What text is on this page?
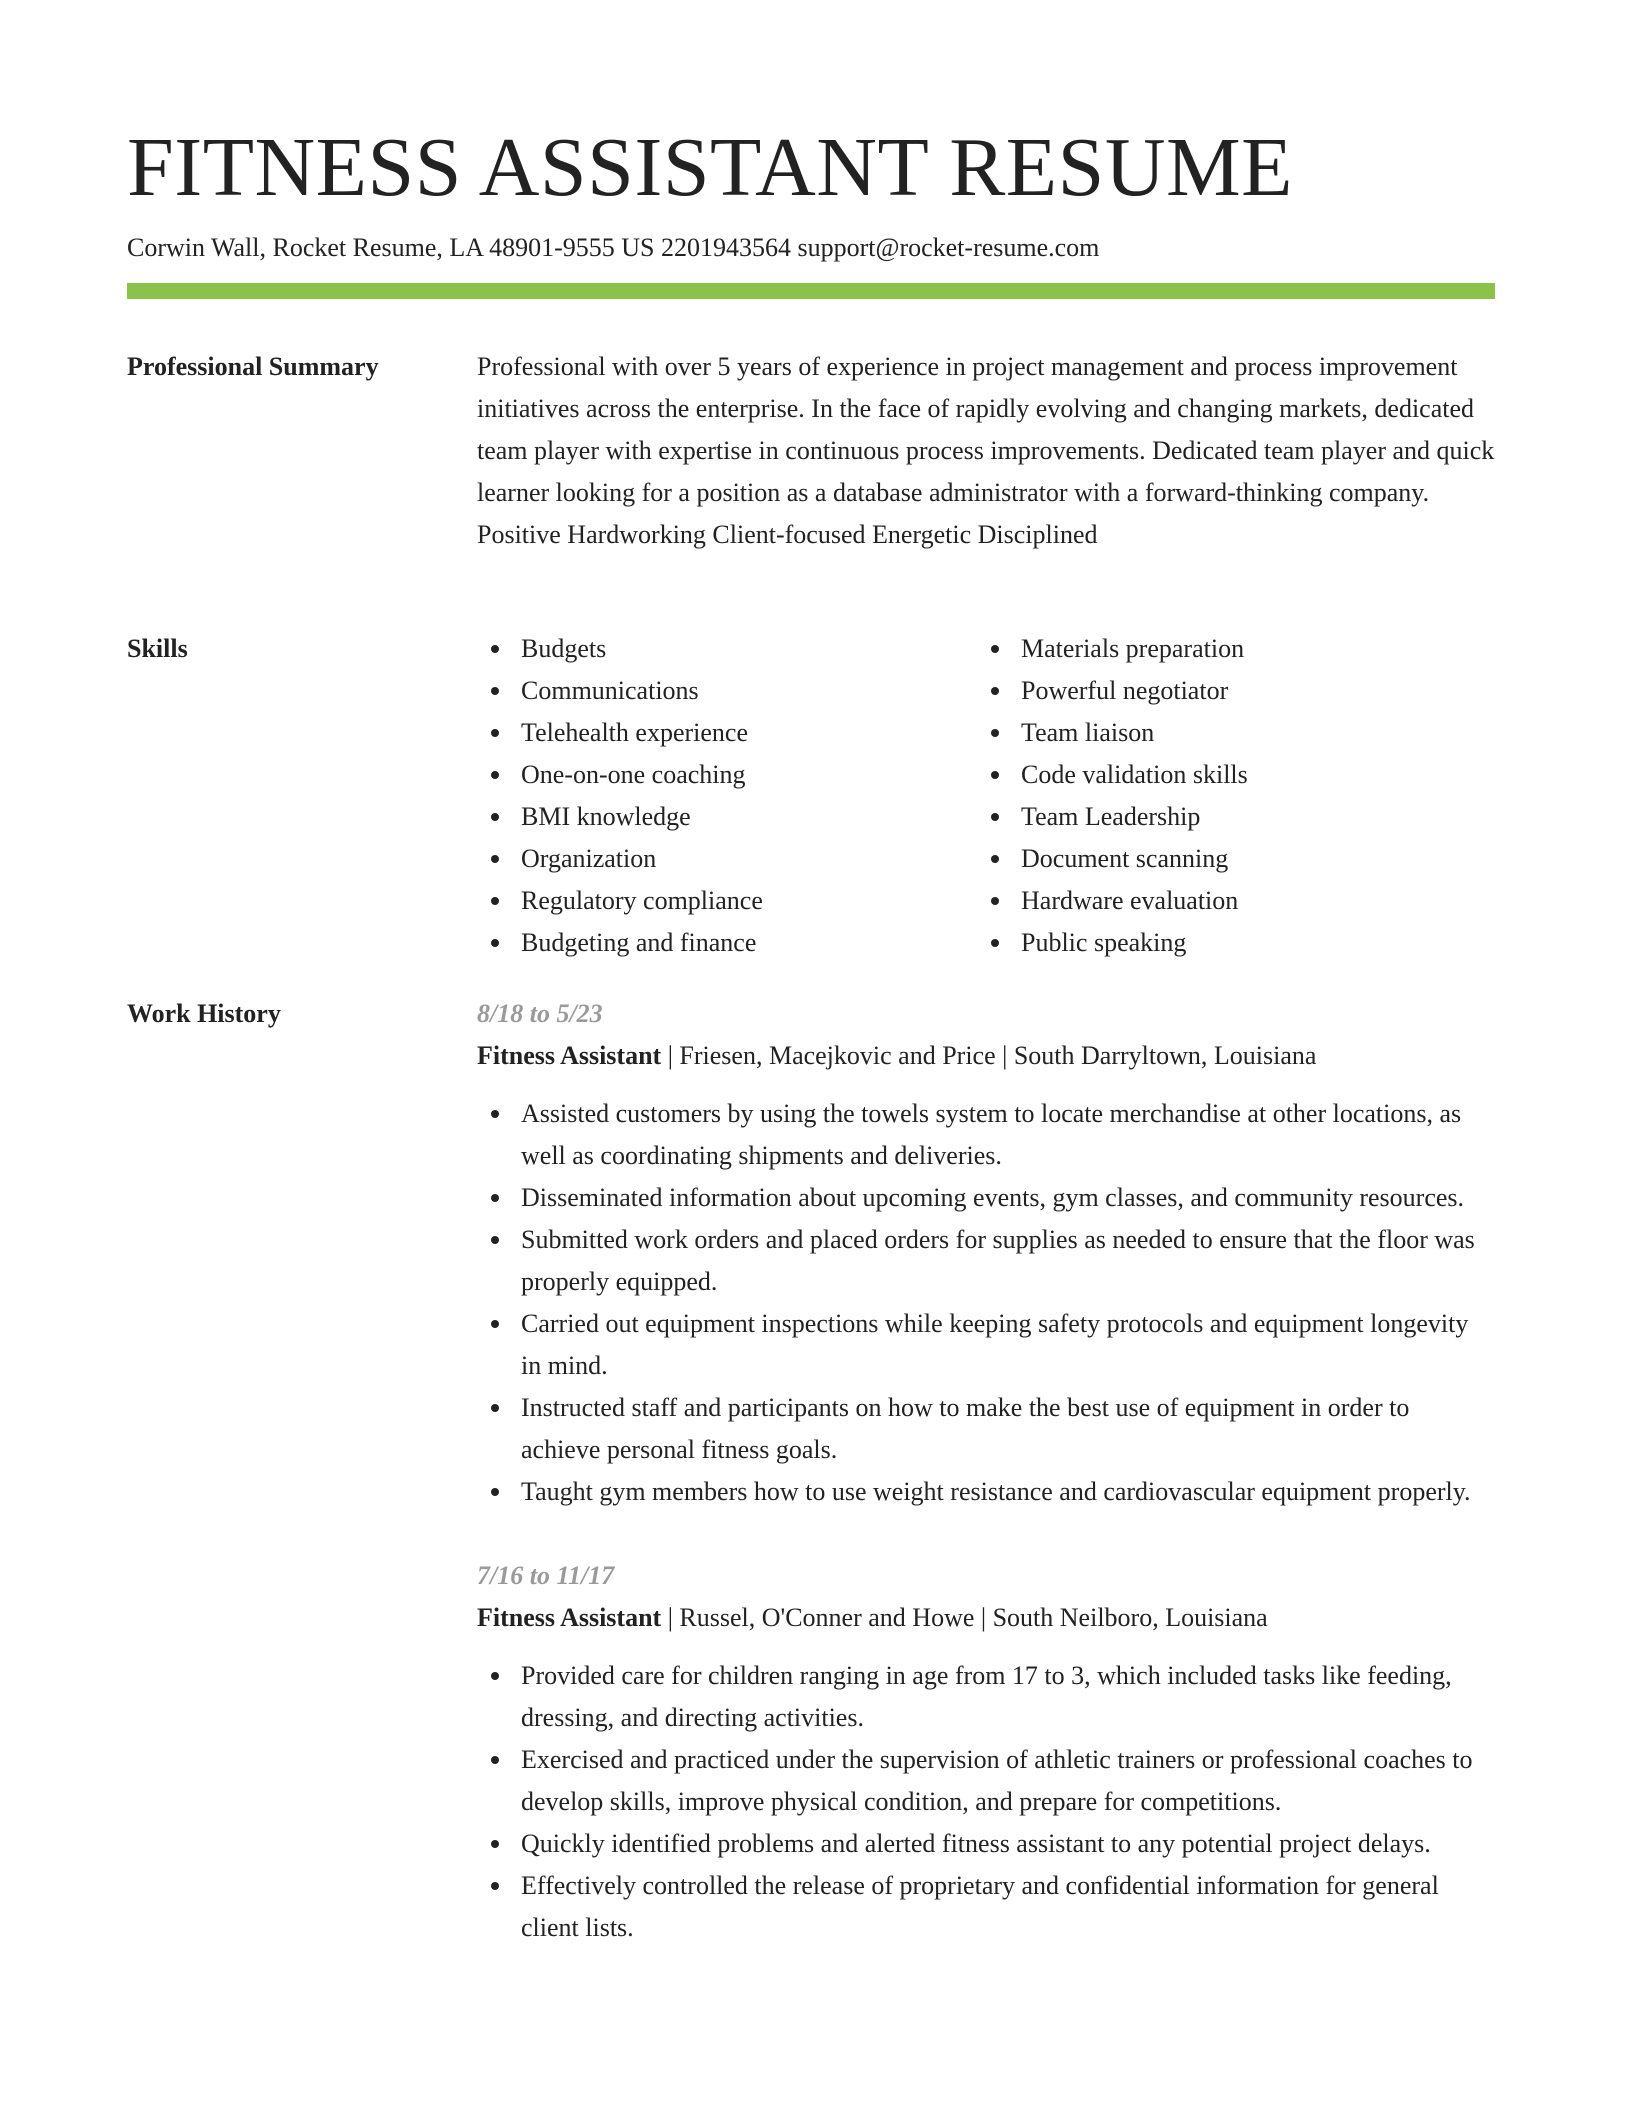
FITNESS ASSISTANT RESUME
Corwin Wall, Rocket Resume, LA 48901-9555 US 2201943564 support@rocket-resume.com
Professional Summary	Professional with over 5 years of experience in project management and process improvement initiatives across the enterprise. In the face of rapidly evolving and changing markets, dedicated team player with expertise in continuous process improvements. Dedicated team player and quick learner looking for a position as a database administrator with a forward-thinking company. Positive Hardworking Client-focused Energetic Disciplined

Skills	Budgets
Communications
Telehealth experience
One-on-one coaching
BMI knowledge
Organization
Regulatory compliance
Budgeting and finance
Materials preparation
Powerful negotiator
Team liaison
Code validation skills
Team Leadership
Document scanning
Hardware evaluation
Public speaking
Work History	8/18 to 5/23
Fitness Assistant | Friesen, Macejkovic and Price | South Darryltown, Louisiana
Assisted customers by using the towels system to locate merchandise at other locations, as well as coordinating shipments and deliveries.
Disseminated information about upcoming events, gym classes, and community resources.
Submitted work orders and placed orders for supplies as needed to ensure that the floor was properly equipped.
Carried out equipment inspections while keeping safety protocols and equipment longevity in mind.
Instructed staff and participants on how to make the best use of equipment in order to achieve personal fitness goals.
Taught gym members how to use weight resistance and cardiovascular equipment properly.
7/16 to 11/17
Fitness Assistant | Russel, O'Conner and Howe | South Neilboro, Louisiana
Provided care for children ranging in age from 17 to 3, which included tasks like feeding, dressing, and directing activities.
Exercised and practiced under the supervision of athletic trainers or professional coaches to develop skills, improve physical condition, and prepare for competitions.
Quickly identified problems and alerted fitness assistant to any potential project delays.
Effectively controlled the release of proprietary and confidential information for general client lists.
